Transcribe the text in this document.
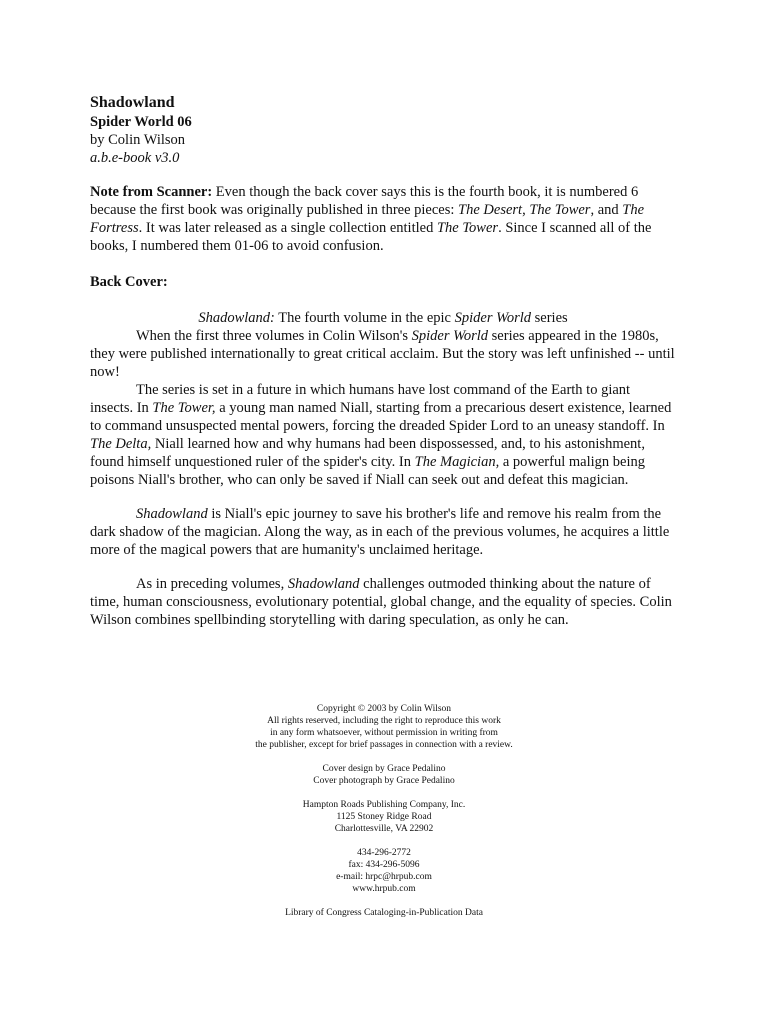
Shadowland
Spider World 06
by Colin Wilson
a.b.e-book v3.0

Note from Scanner: Even though the back cover says this is the fourth book, it is numbered 6 because the first book was originally published in three pieces: The Desert, The Tower, and The Fortress. It was later released as a single collection entitled The Tower. Since I scanned all of the books, I numbered them 01-06 to avoid confusion.

Back Cover:

Shadowland: The fourth volume in the epic Spider World series

When the first three volumes in Colin Wilson's Spider World series appeared in the 1980s, they were published internationally to great critical acclaim. But the story was left unfinished -- until now!

The series is set in a future in which humans have lost command of the Earth to giant insects. In The Tower, a young man named Niall, starting from a precarious desert existence, learned to command unsuspected mental powers, forcing the dreaded Spider Lord to an uneasy standoff. In The Delta, Niall learned how and why humans had been dispossessed, and, to his astonishment, found himself unquestioned ruler of the spider's city. In The Magician, a powerful malign being poisons Niall's brother, who can only be saved if Niall can seek out and defeat this magician.

Shadowland is Niall's epic journey to save his brother's life and remove his realm from the dark shadow of the magician. Along the way, as in each of the previous volumes, he acquires a little more of the magical powers that are humanity's unclaimed heritage.

As in preceding volumes, Shadowland challenges outmoded thinking about the nature of time, human consciousness, evolutionary potential, global change, and the equality of species. Colin Wilson combines spellbinding storytelling with daring speculation, as only he can.

Copyright © 2003 by Colin Wilson
All rights reserved, including the right to reproduce this work
in any form whatsoever, without permission in writing from
the publisher, except for brief passages in connection with a review.
Cover design by Grace Pedalino
Cover photograph by Grace Pedalino
Hampton Roads Publishing Company, Inc.
1125 Stoney Ridge Road
Charlottesville, VA 22902
434-296-2772
fax: 434-296-5096
e-mail: hrpc@hrpub.com
www.hrpub.com
Library of Congress Cataloging-in-Publication Data
